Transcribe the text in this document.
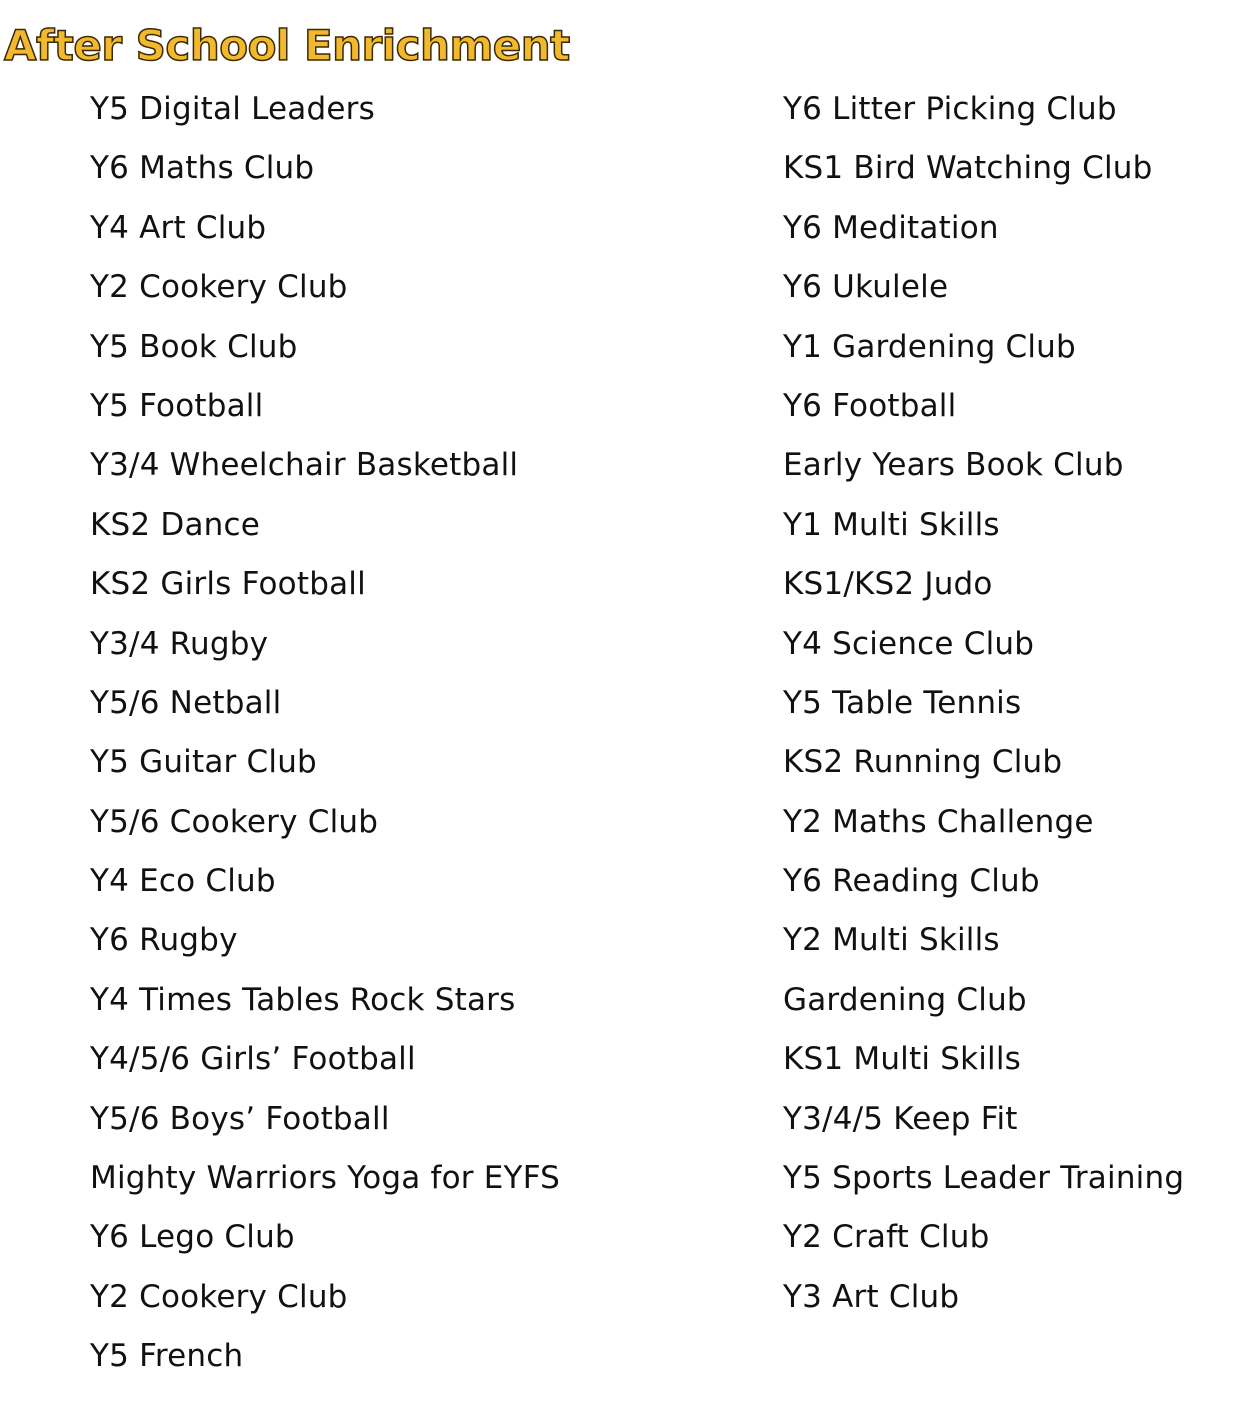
After School Enrichment
Y5 Digital Leaders
Y6 Maths Club
Y4 Art Club
Y2 Cookery Club
Y5 Book Club
Y5 Football
Y3/4 Wheelchair Basketball
KS2 Dance
KS2 Girls Football
Y3/4 Rugby
Y5/6 Netball
Y5 Guitar Club
Y5/6 Cookery Club
Y4 Eco Club
Y6 Rugby
Y4 Times Tables Rock Stars
Y4/5/6 Girls’ Football
Y5/6 Boys’ Football
Mighty Warriors Yoga for EYFS
Y6 Lego Club
Y2 Cookery Club
Y5 French
Y6 Litter Picking Club
KS1 Bird Watching Club
Y6 Meditation
Y6 Ukulele
Y1 Gardening Club
Y6 Football
Early Years Book Club
Y1 Multi Skills
KS1/KS2 Judo
Y4 Science Club
Y5 Table Tennis
KS2 Running Club
Y2 Maths Challenge
Y6 Reading Club
Y2 Multi Skills
Gardening Club
KS1 Multi Skills
Y3/4/5 Keep Fit
Y5 Sports Leader Training
Y2 Craft Club
Y3 Art Club
